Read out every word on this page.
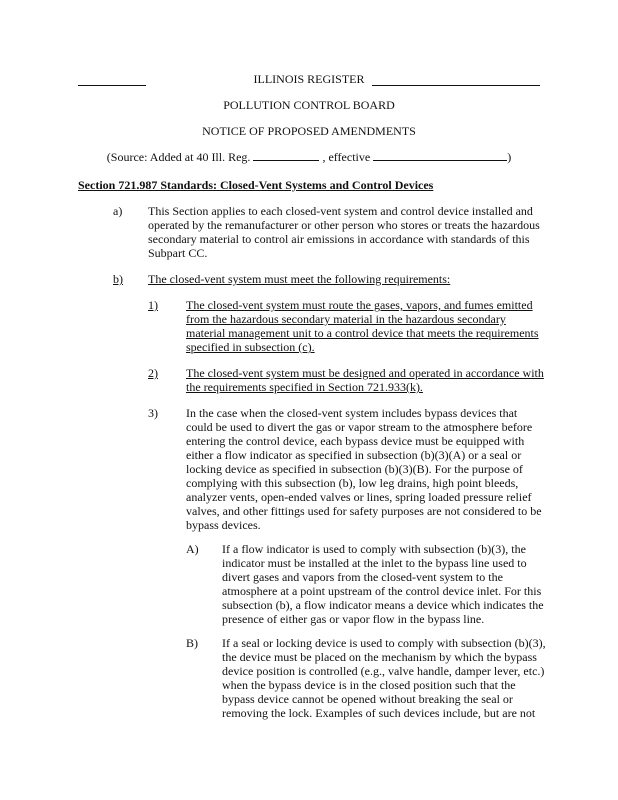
ILLINOIS REGISTER
POLLUTION CONTROL BOARD
NOTICE OF PROPOSED AMENDMENTS
(Source: Added at 40 Ill. Reg.	, effective	)
Section 721.987 Standards: Closed-Vent Systems and Control Devices
a) This Section applies to each closed-vent system and control device installed and
operated by the remanufacturer or other person who stores or treats the hazardous
secondary material to control air emissions in accordance with standards of this
Subpart CC.
b) The closed-vent system must meet the following requirements:
1) The closed-vent system must route the gases, vapors, and fumes emitted
from the hazardous secondary material in the hazardous secondary
material management unit to a control device that meets the requirements
specified in subsection (c).
2) The closed-vent system must be designed and operated in accordance with
the requirements specified in Section 721.933(k).
3) In the case when the closed-vent system includes bypass devices that
could be used to divert the gas or vapor stream to the atmosphere before
entering the control device, each bypass device must be equipped with
either a flow indicator as specified in subsection (b)(3)(A) or a seal or
locking device as specified in subsection (b)(3)(B). For the purpose of
complying with this subsection (b), low leg drains, high point bleeds,
analyzer vents, open-ended valves or lines, spring loaded pressure relief
valves, and other fittings used for safety purposes are not considered to be
bypass devices.
A) If a flow indicator is used to comply with subsection (b)(3), the
indicator must be installed at the inlet to the bypass line used to
divert gases and vapors from the closed-vent system to the
atmosphere at a point upstream of the control device inlet. For this
subsection (b), a flow indicator means a device which indicates the
presence of either gas or vapor flow in the bypass line.
B) If a seal or locking device is used to comply with subsection (b)(3),
the device must be placed on the mechanism by which the bypass
device position is controlled (e.g., valve handle, damper lever, etc.)
when the bypass device is in the closed position such that the
bypass device cannot be opened without breaking the seal or
removing the lock. Examples of such devices include, but are not
